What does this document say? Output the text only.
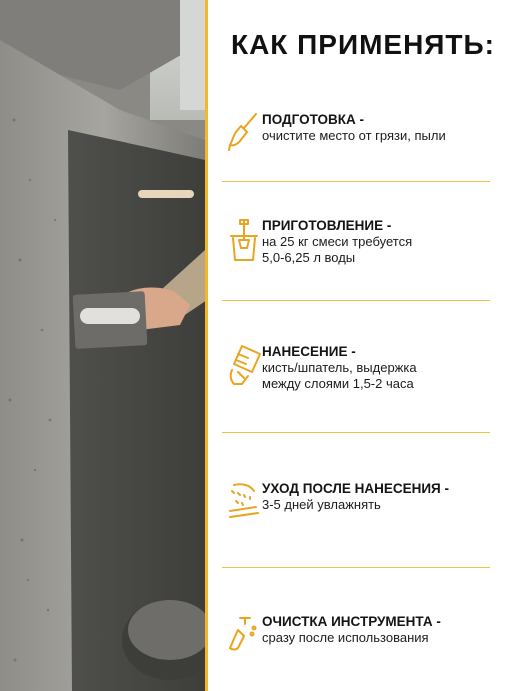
КАК ПРИМЕНЯТЬ:
ПОДГОТОВКА -
очистите место от грязи, пыли
ПРИГОТОВЛЕНИЕ -
на 25 кг смеси требуется
5,0-6,25 л воды
НАНЕСЕНИЕ -
кисть/шпатель, выдержка
между слоями 1,5-2 часа
УХОД ПОСЛЕ НАНЕСЕНИЯ -
3-5 дней увлажнять
ОЧИСТКА ИНСТРУМЕНТА -
сразу после использования
